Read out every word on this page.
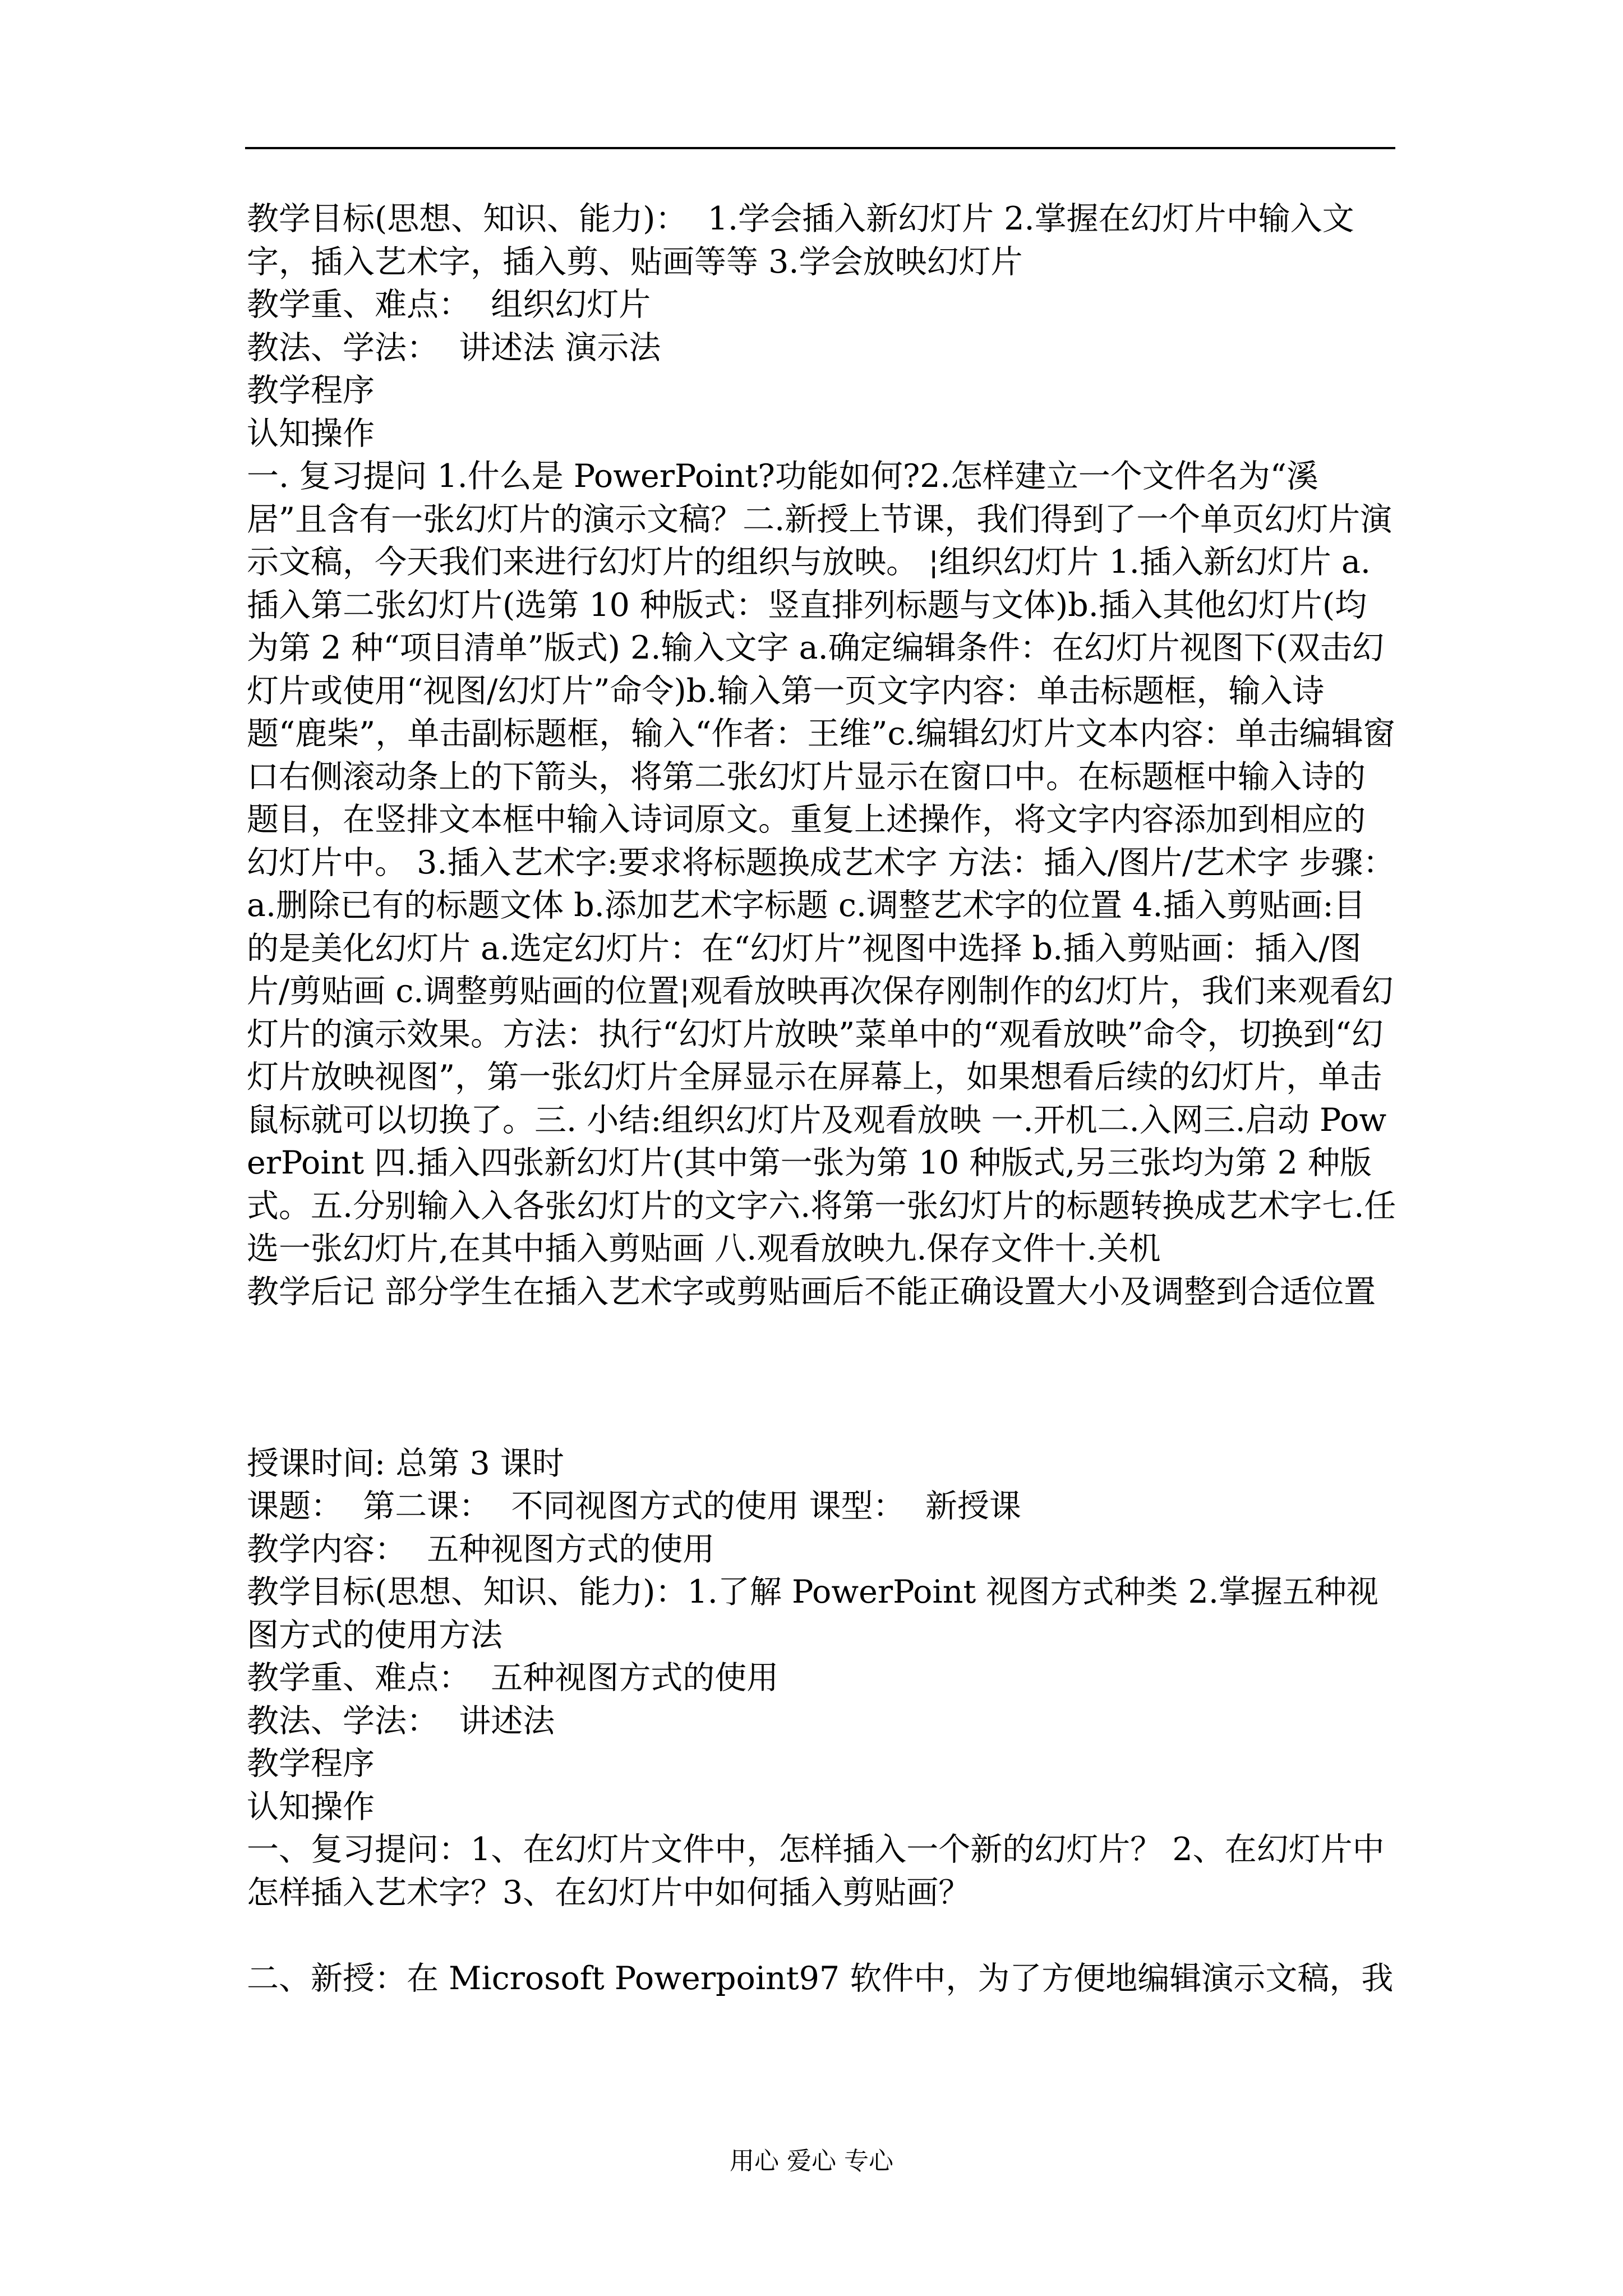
教学目标(思想、知识、能力)：  1.学会插入新幻灯片 2.掌握在幻灯片中输入文字，插入艺术字，插入剪、贴画等等 3.学会放映幻灯片

教学重、难点：  组织幻灯片

教法、学法：  讲述法 演示法

教学程序

认知操作

一. 复习提问 1.什么是 PowerPoint?功能如何?2.怎样建立一个文件名为“溪居”且含有一张幻灯片的演示文稿？二.新授上节课，我们得到了一个单页幻灯片演示文稿，今天我们来进行幻灯片的组织与放映。 ¦组织幻灯片 1.插入新幻灯片 a.插入第二张幻灯片(选第 10 种版式：竖直排列标题与文体)b.插入其他幻灯片(均为第 2 种“项目清单”版式) 2.输入文字 a.确定编辑条件：在幻灯片视图下(双击幻灯片或使用“视图/幻灯片”命令)b.输入第一页文字内容：单击标题框，输入诗题“鹿柴”，单击副标题框，输入“作者：王维”c.编辑幻灯片文本内容：单击编辑窗口右侧滚动条上的下箭头，将第二张幻灯片显示在窗口中。在标题框中输入诗的题目，在竖排文本框中输入诗词原文。重复上述操作，将文字内容添加到相应的幻灯片中。 3.插入艺术字:要求将标题换成艺术字 方法：插入/图片/艺术字 步骤：a.删除已有的标题文体 b.添加艺术字标题 c.调整艺术字的位置 4.插入剪贴画:目的是美化幻灯片 a.选定幻灯片：在“幻灯片”视图中选择 b.插入剪贴画：插入/图片/剪贴画 c.调整剪贴画的位置¦观看放映再次保存刚制作的幻灯片，我们来观看幻灯片的演示效果。方法：执行“幻灯片放映”菜单中的“观看放映”命令，切换到“幻灯片放映视图”，第一张幻灯片全屏显示在屏幕上，如果想看后续的幻灯片，单击鼠标就可以切换了。三. 小结:组织幻灯片及观看放映 一.开机二.入网三.启动 PowerPoint 四.插入四张新幻灯片(其中第一张为第 10 种版式,另三张均为第 2 种版式。五.分别输入入各张幻灯片的文字六.将第一张幻灯片的标题转换成艺术字七.任选一张幻灯片,在其中插入剪贴画 八.观看放映九.保存文件十.关机

教学后记 部分学生在插入艺术字或剪贴画后不能正确设置大小及调整到合适位置

授课时间: 总第 3 课时

课题：  第二课：  不同视图方式的使用 课型：  新授课

教学内容：  五种视图方式的使用

教学目标(思想、知识、能力)：1.了解 PowerPoint 视图方式种类 2.掌握五种视图方式的使用方法

教学重、难点：  五种视图方式的使用

教法、学法：  讲述法

教学程序

认知操作

一、复习提问：1、在幻灯片文件中，怎样插入一个新的幻灯片？ 2、在幻灯片中怎样插入艺术字？3、在幻灯片中如何插入剪贴画？

二、新授：在 Microsoft Powerpoint97 软件中，为了方便地编辑演示文稿，我

用心 爱心 专心
